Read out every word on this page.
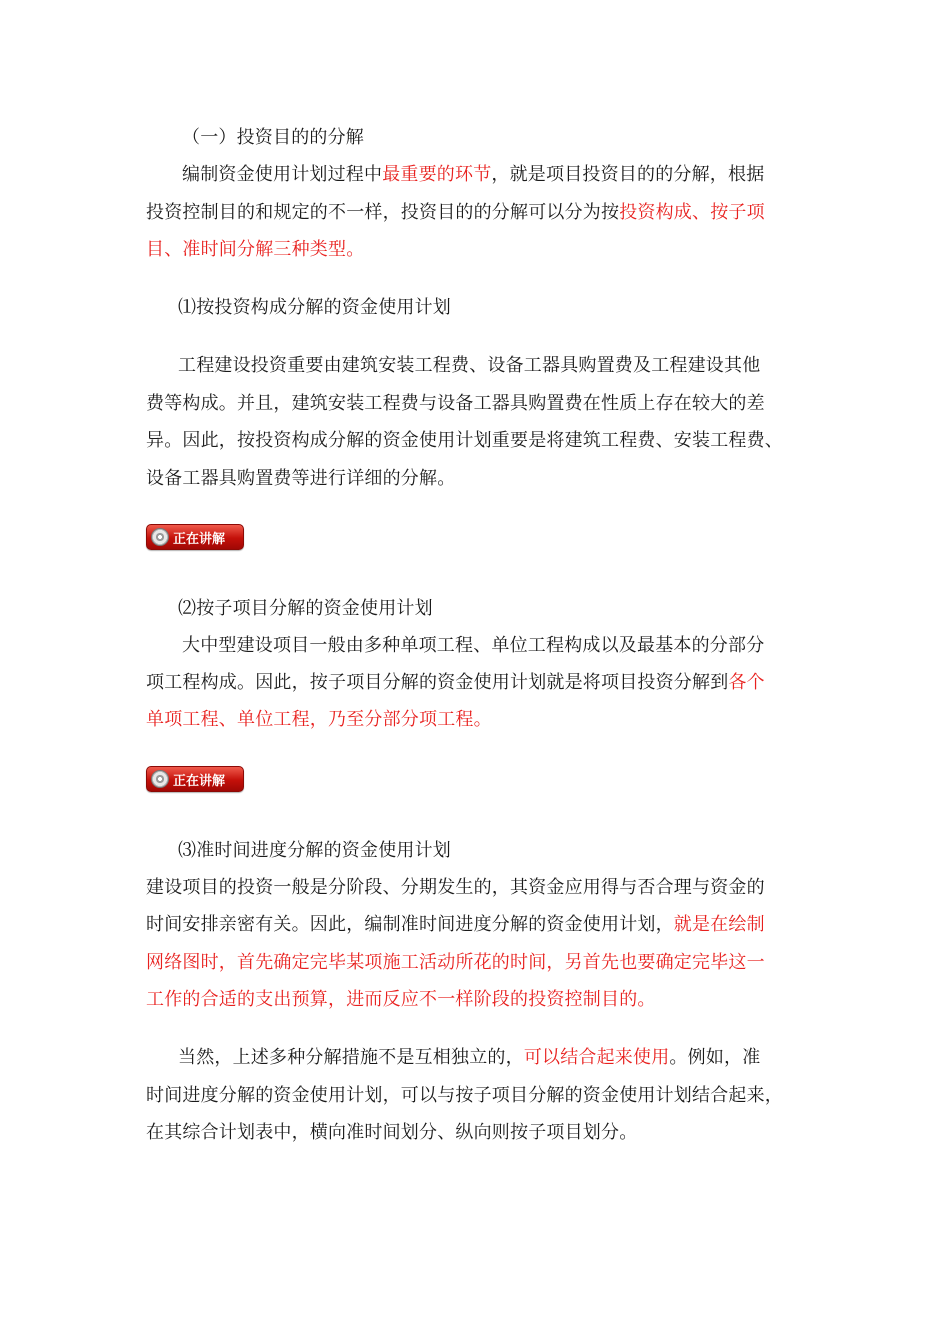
（一）投资目的的分解
编制资金使用计划过程中最重要的环节，就是项目投资目的的分解，根据
投资控制目的和规定的不一样，投资目的的分解可以分为按投资构成、按子项
目、准时间分解三种类型。
⑴按投资构成分解的资金使用计划
工程建设投资重要由建筑安装工程费、设备工器具购置费及工程建设其他
费等构成。并且，建筑安装工程费与设备工器具购置费在性质上存在较大的差
异。因此，按投资构成分解的资金使用计划重要是将建筑工程费、安装工程费、
设备工器具购置费等进行详细的分解。
正在讲解
⑵按子项目分解的资金使用计划
大中型建设项目一般由多种单项工程、单位工程构成以及最基本的分部分
项工程构成。因此，按子项目分解的资金使用计划就是将项目投资分解到各个
单项工程、单位工程，乃至分部分项工程。
正在讲解
⑶准时间进度分解的资金使用计划
建设项目的投资一般是分阶段、分期发生的，其资金应用得与否合理与资金的
时间安排亲密有关。因此，编制准时间进度分解的资金使用计划，就是在绘制
网络图时，首先确定完毕某项施工活动所花的时间，另首先也要确定完毕这一
工作的合适的支出预算，进而反应不一样阶段的投资控制目的。
当然，上述多种分解措施不是互相独立的，可以结合起来使用。例如，准
时间进度分解的资金使用计划，可以与按子项目分解的资金使用计划结合起来，
在其综合计划表中，横向准时间划分、纵向则按子项目划分。
